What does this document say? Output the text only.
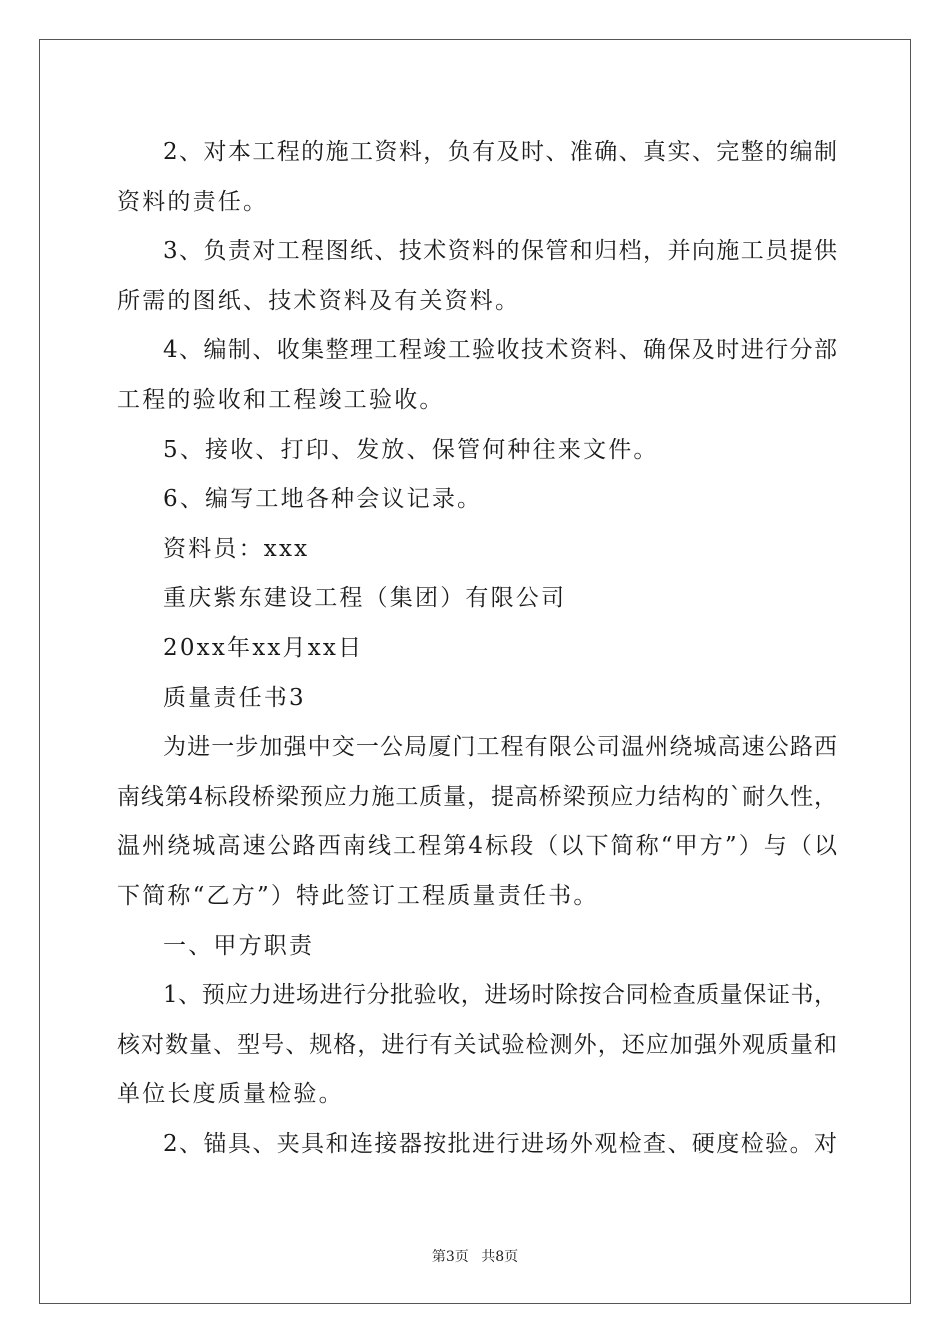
2、对本工程的施工资料，负有及时、准确、真实、完整的编制
资料的责任。
3、负责对工程图纸、技术资料的保管和归档，并向施工员提供
所需的图纸、技术资料及有关资料。
4、编制、收集整理工程竣工验收技术资料、确保及时进行分部
工程的验收和工程竣工验收。
5、接收、打印、发放、保管何种往来文件。
6、编写工地各种会议记录。
资料员：xxx
重庆紫东建设工程（集团）有限公司
20xx年xx月xx日
质量责任书3
为进一步加强中交一公局厦门工程有限公司温州绕城高速公路西
南线第4标段桥梁预应力施工质量，提高桥梁预应力结构的`耐久性，
温州绕城高速公路西南线工程第4标段（以下简称“甲方”）与（以
下简称“乙方”）特此签订工程质量责任书。
一、甲方职责
1、预应力进场进行分批验收，进场时除按合同检查质量保证书，
核对数量、型号、规格，进行有关试验检测外，还应加强外观质量和
单位长度质量检验。
2、锚具、夹具和连接器按批进行进场外观检查、硬度检验。对
第3页 共8页
